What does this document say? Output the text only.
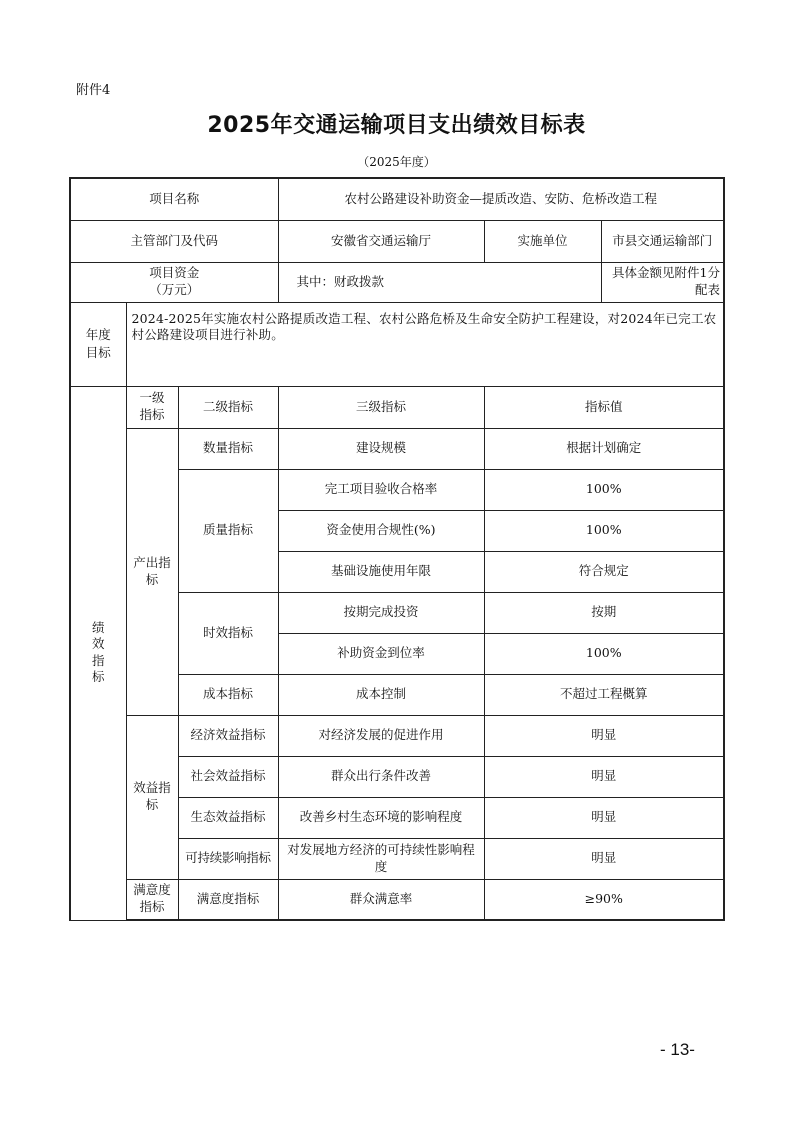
附件4
2025年交通运输项目支出绩效目标表
（2025年度）
项目名称			农村公路建设补助资金—提质改造、安防、危桥改造工程		
主管部门及代码			安徽省交通运输厅	实施单位	市县交通运输部门

项目资金
（万元）			其中：财政拨款		具体金额见附件1分配表
年度目标	2024-2025年实施农村公路提质改造工程、农村公路危桥及生命安全防护工程建设，对2024年已完工农村公路建设项目进行补助。				
绩效指标	一级指标	二级指标	三级指标	指标值	
	产出指标	数量指标	建设规模	根据计划确定	
		质量指标	完工项目验收合格率	100%	
			资金使用合规性(%)	100%	
			基础设施使用年限	符合规定	
		时效指标	按期完成投资	按期	
			补助资金到位率	100%	
		成本指标	成本控制	不超过工程概算	
	效益指标	经济效益指标	对经济发展的促进作用	明显	
		社会效益指标	群众出行条件改善	明显	
		生态效益指标	改善乡村生态环境的影响程度	明显	
		可持续影响指标	对发展地方经济的可持续性影响程度	明显	
	满意度指标	满意度指标	群众满意率	≥90%	
- 13-
